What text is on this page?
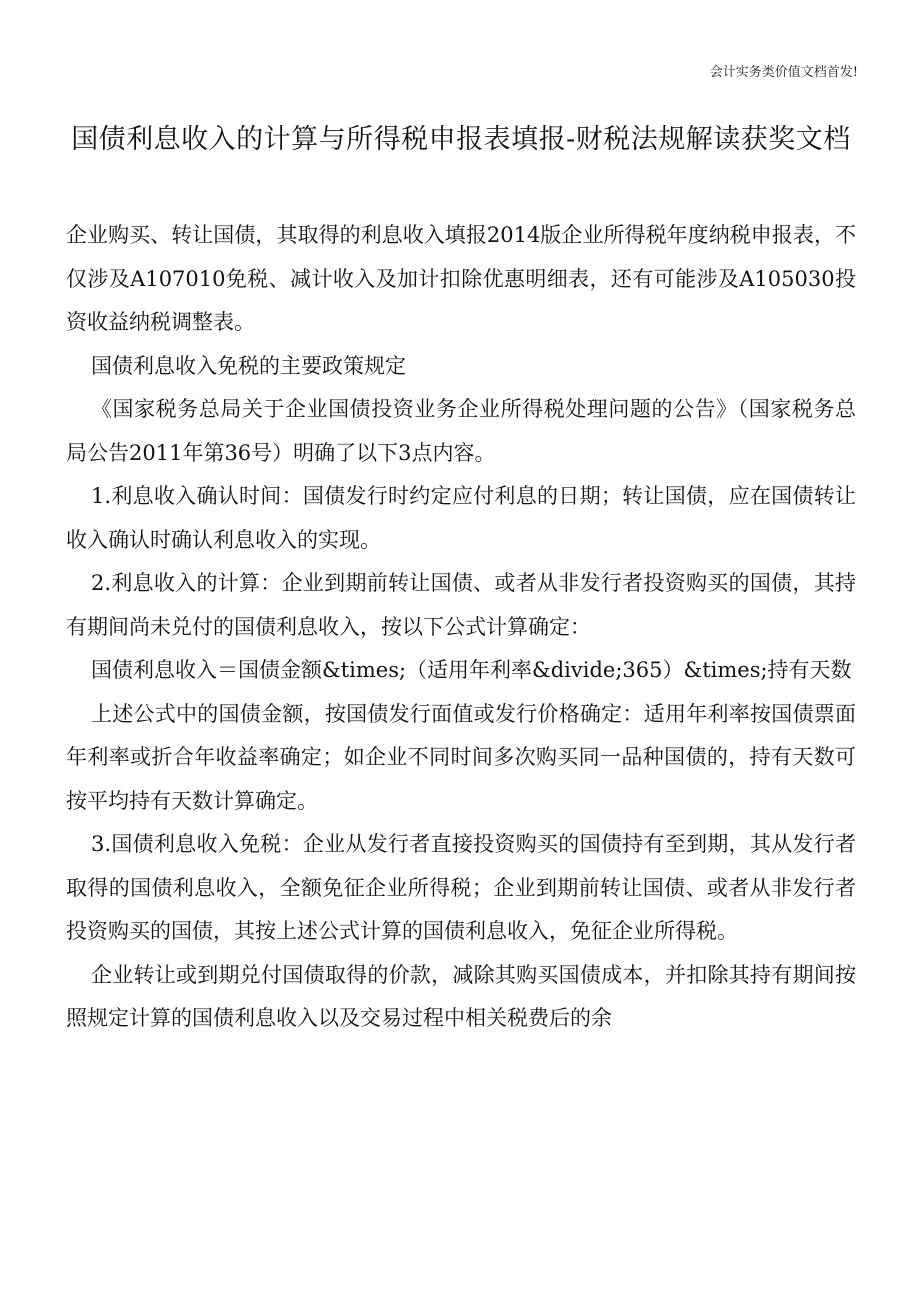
会计实务类价值文档首发!
国债利息收入的计算与所得税申报表填报-财税法规解读获奖文档

企业购买、转让国债，其取得的利息收入填报2014版企业所得税年度纳税申报表，不仅涉及A107010免税、减计收入及加计扣除优惠明细表，还有可能涉及A105030投资收益纳税调整表。

国债利息收入免税的主要政策规定

《国家税务总局关于企业国债投资业务企业所得税处理问题的公告》（国家税务总局公告2011年第36号）明确了以下3点内容。

1.利息收入确认时间：国债发行时约定应付利息的日期；转让国债，应在国债转让收入确认时确认利息收入的实现。

2.利息收入的计算：企业到期前转让国债、或者从非发行者投资购买的国债，其持有期间尚未兑付的国债利息收入，按以下公式计算确定：

国债利息收入＝国债金额&times;（适用年利率&divide;365）&times;持有天数

上述公式中的国债金额，按国债发行面值或发行价格确定：适用年利率按国债票面年利率或折合年收益率确定；如企业不同时间多次购买同一品种国债的，持有天数可按平均持有天数计算确定。

3.国债利息收入免税：企业从发行者直接投资购买的国债持有至到期，其从发行者取得的国债利息收入，全额免征企业所得税；企业到期前转让国债、或者从非发行者投资购买的国债，其按上述公式计算的国债利息收入，免征企业所得税。

企业转让或到期兑付国债取得的价款，减除其购买国债成本，并扣除其持有期间按照规定计算的国债利息收入以及交易过程中相关税费后的余
